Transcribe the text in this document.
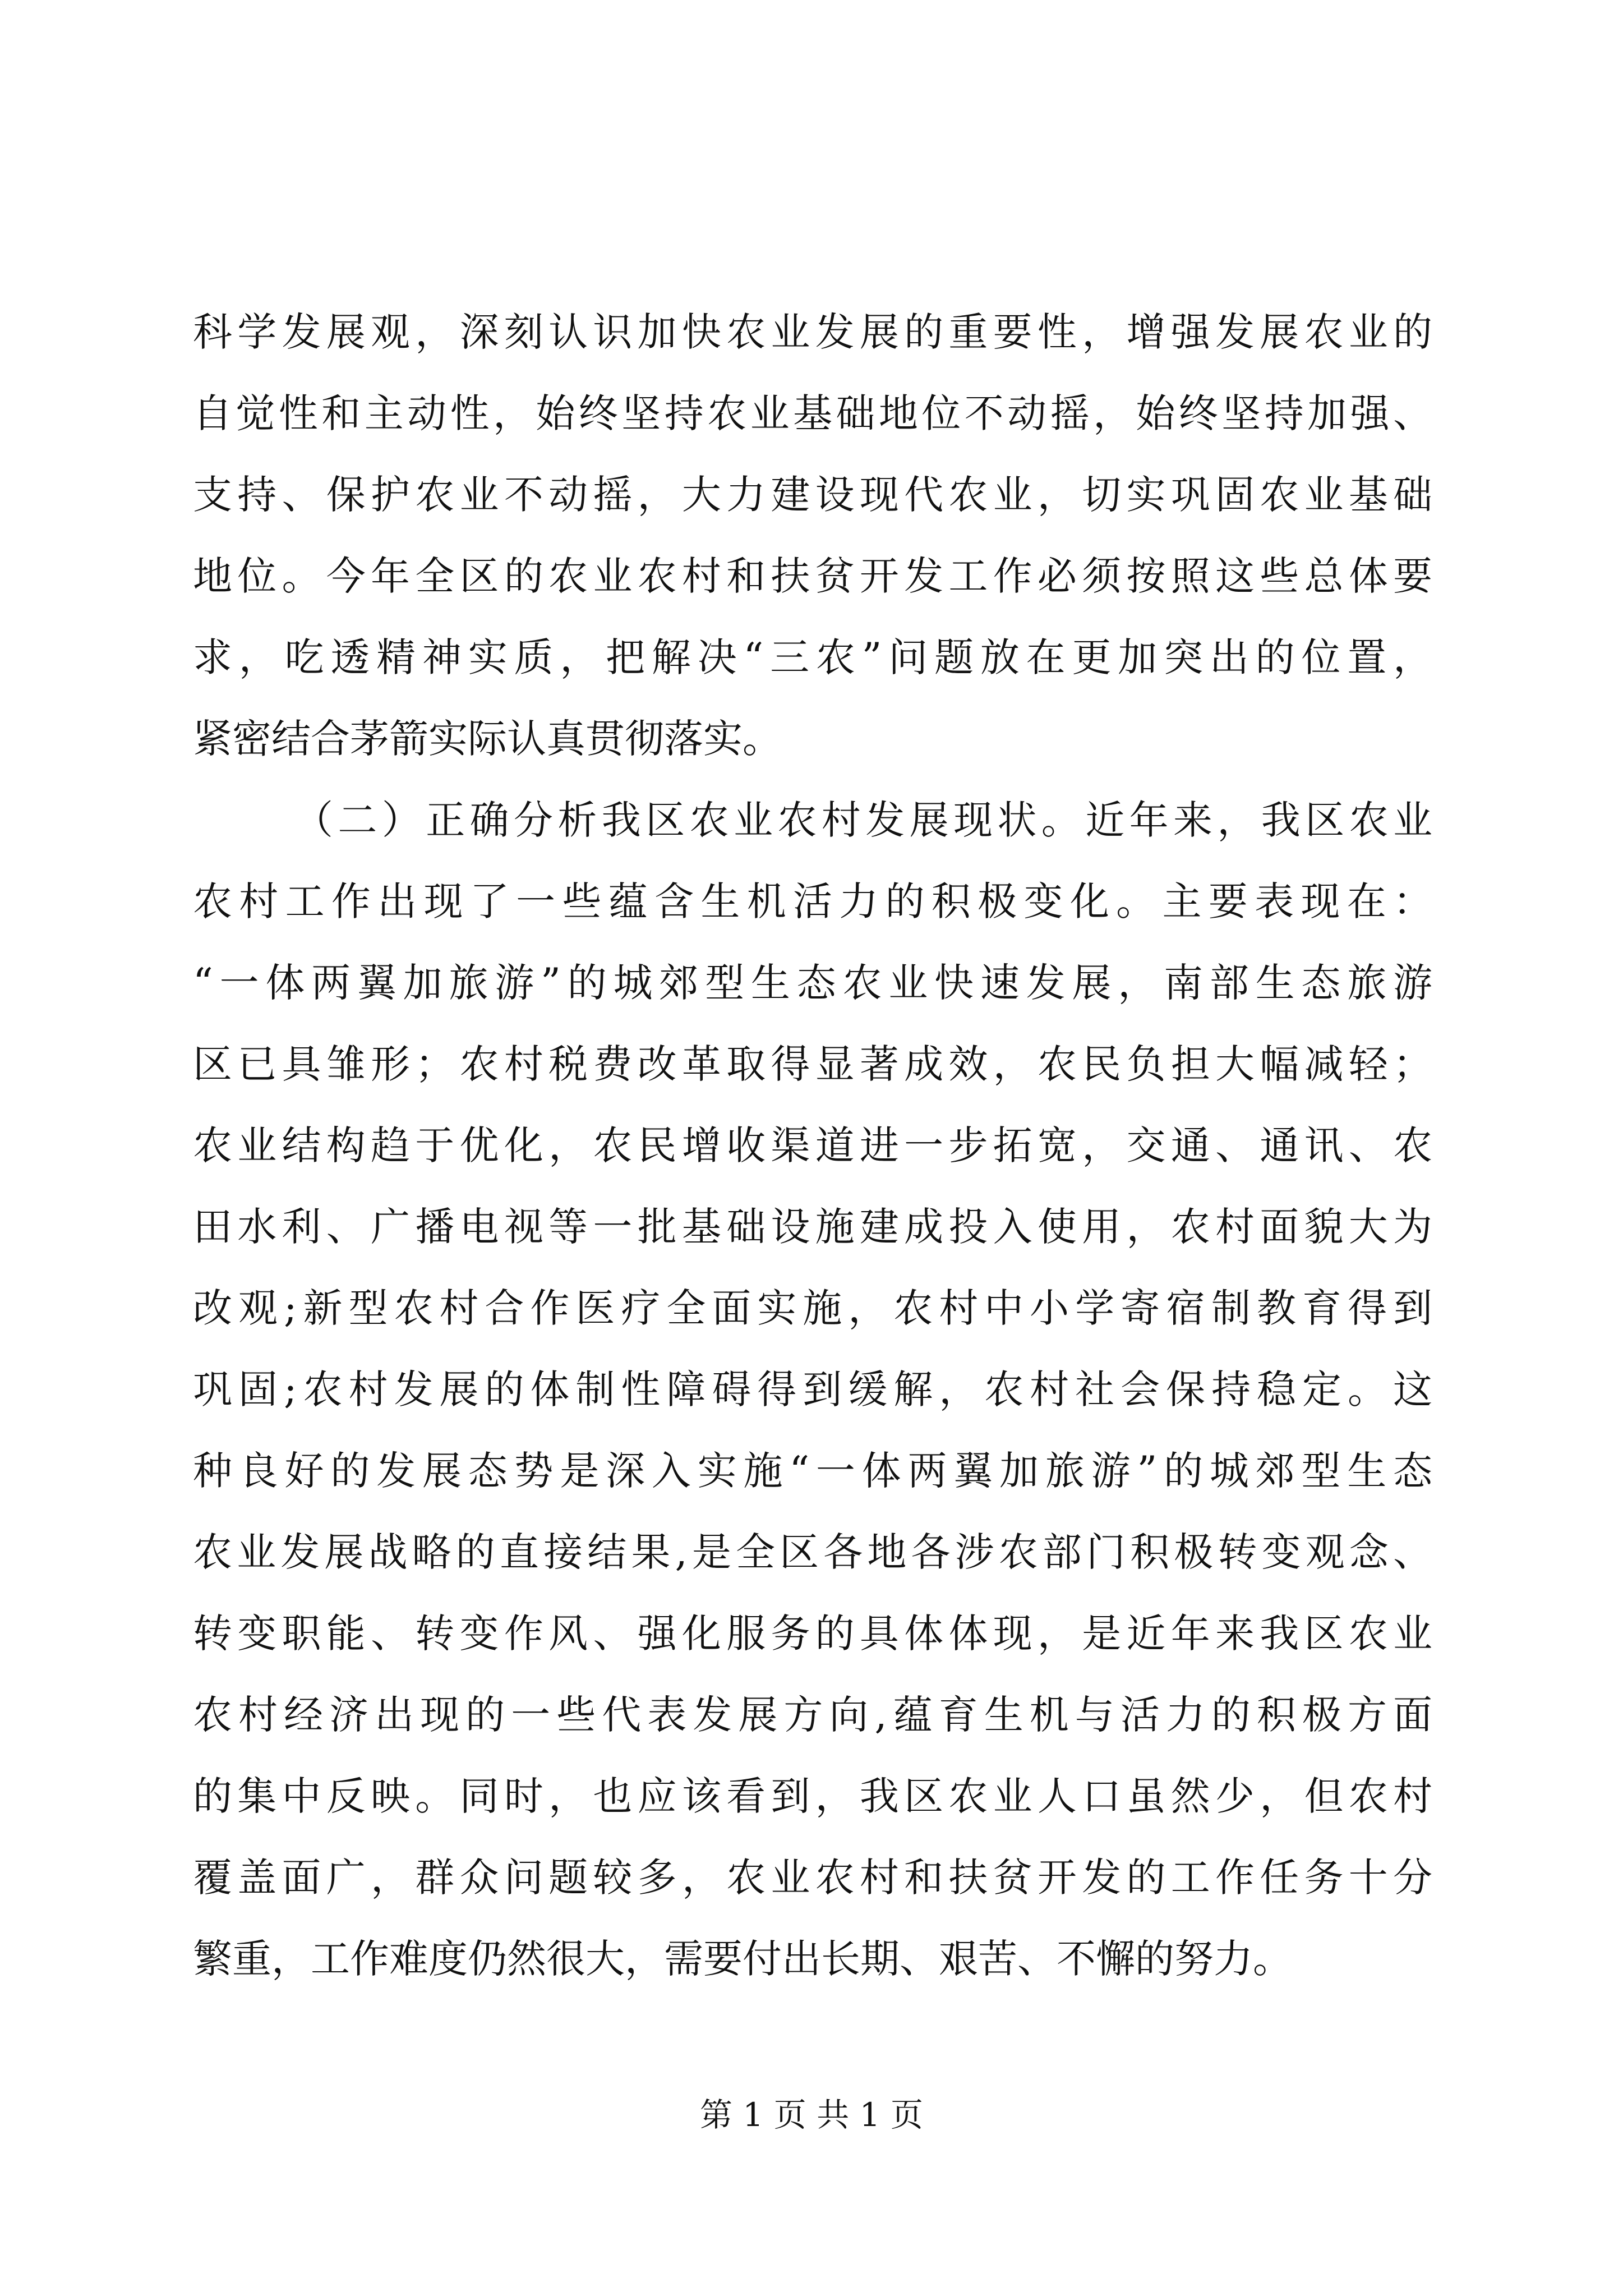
科学发展观，深刻认识加快农业发展的重要性，增强发展农业的
自觉性和主动性，始终坚持农业基础地位不动摇，始终坚持加强、
支持、保护农业不动摇，大力建设现代农业，切实巩固农业基础
地位。今年全区的农业农村和扶贫开发工作必须按照这些总体要
求，吃透精神实质，把解决“三农”问题放在更加突出的位置，
紧密结合茅箭实际认真贯彻落实。
（二）正确分析我区农业农村发展现状。近年来，我区农业
农村工作出现了一些蕴含生机活力的积极变化。主要表现在：
“一体两翼加旅游”的城郊型生态农业快速发展，南部生态旅游
区已具雏形；农村税费改革取得显著成效，农民负担大幅减轻；
农业结构趋于优化，农民增收渠道进一步拓宽，交通、通讯、农
田水利、广播电视等一批基础设施建成投入使用，农村面貌大为
改观;新型农村合作医疗全面实施，农村中小学寄宿制教育得到
巩固;农村发展的体制性障碍得到缓解，农村社会保持稳定。这
种良好的发展态势是深入实施“一体两翼加旅游”的城郊型生态
农业发展战略的直接结果,是全区各地各涉农部门积极转变观念、
转变职能、转变作风、强化服务的具体体现，是近年来我区农业
农村经济出现的一些代表发展方向,蕴育生机与活力的积极方面
的集中反映。同时，也应该看到，我区农业人口虽然少，但农村
覆盖面广，群众问题较多，农业农村和扶贫开发的工作任务十分
繁重，工作难度仍然很大，需要付出长期、艰苦、不懈的努力。
第 1 页 共 1 页
